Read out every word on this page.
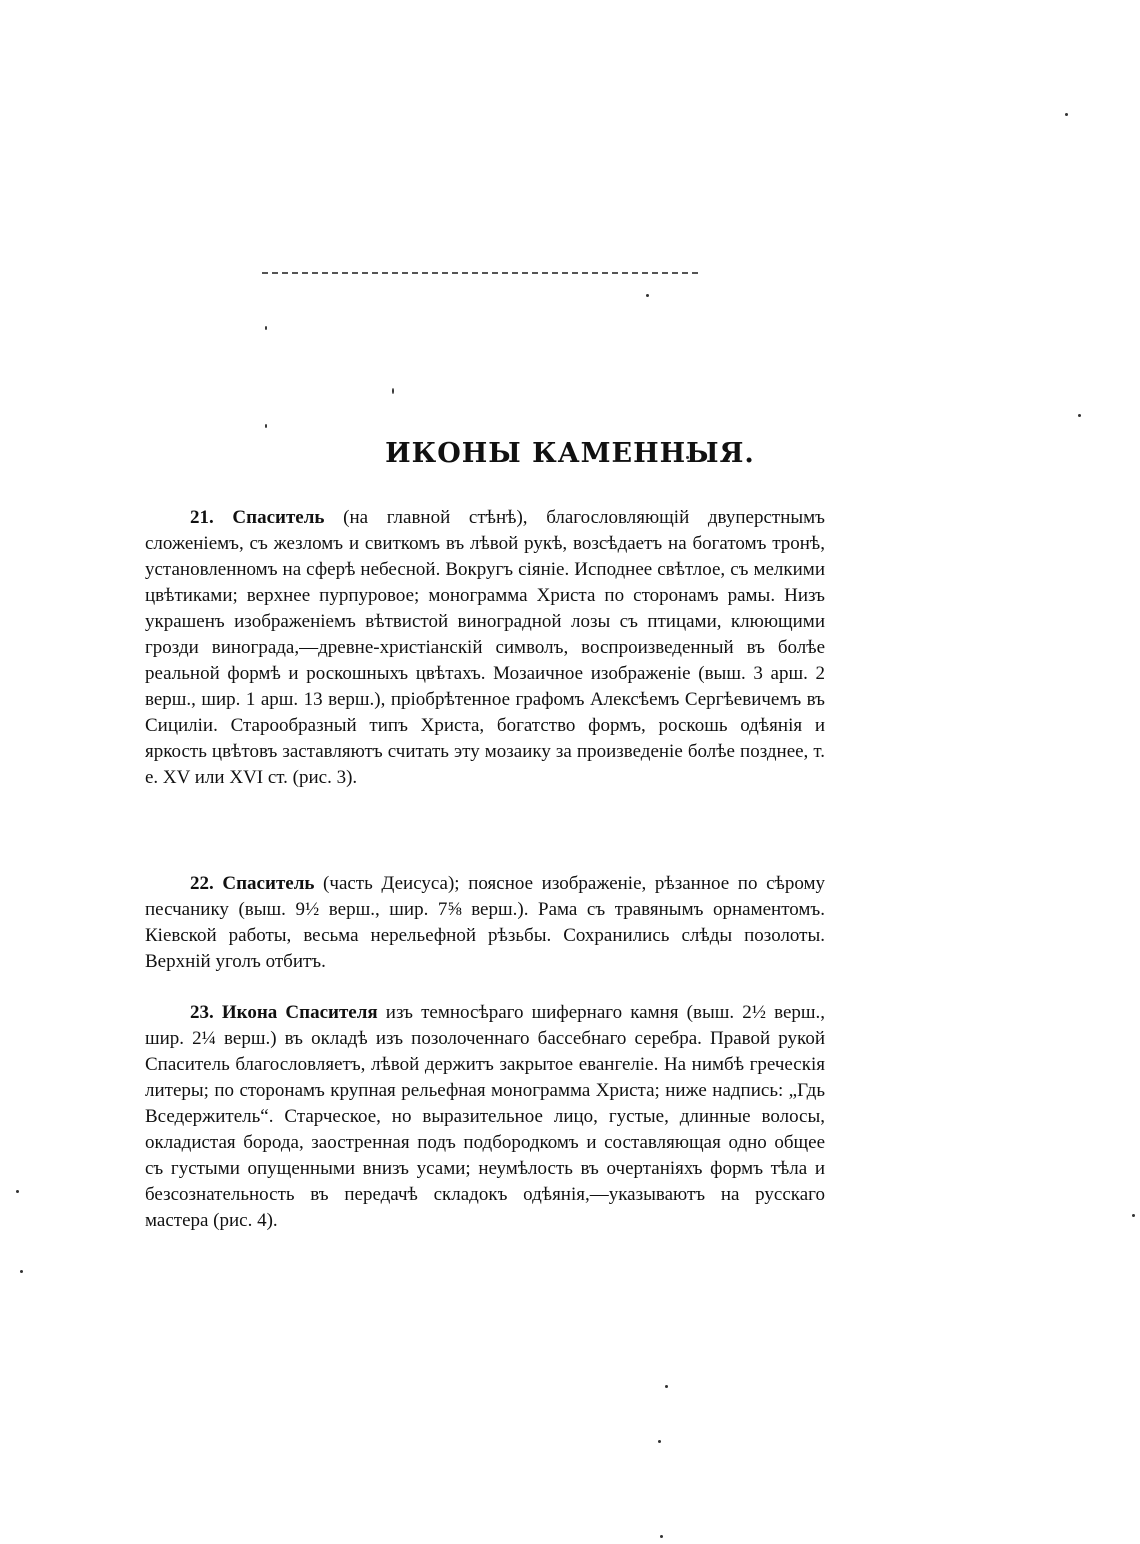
ИКОНЫ КАМЕННЫЯ.

21. Спаситель (на главной стѣнѣ), благословляющій двуперстнымъ сложеніемъ, съ жезломъ и свиткомъ въ лѣвой рукѣ, возсѣдаетъ на богатомъ тронѣ, установленномъ на сферѣ небесной. Вокругъ сіяніе. Исподнее свѣтлое, съ мелкими цвѣтиками; верхнее пурпуровое; монограмма Христа по сторонамъ рамы. Низъ украшенъ изображеніемъ вѣтвистой виноградной лозы съ птицами, клюющими грозди винограда,—древне-христіанскій символъ, воспроизведенный въ болѣе реальной формѣ и роскошныхъ цвѣтахъ. Мозаичное изображеніе (выш. 3 арш. 2 верш., шир. 1 арш. 13 верш.), пріобрѣтенное графомъ Алексѣемъ Сергѣевичемъ въ Сициліи. Старообразный типъ Христа, богатство формъ, роскошь одѣянія и яркость цвѣтовъ заставляютъ считать эту мозаику за произведеніе болѣе позднее, т. е. XV или XVI ст. (рис. 3).

22. Спаситель (часть Деисуса); поясное изображеніе, рѣзанное по сѣрому песчанику (выш. 9½ верш., шир. 7⅝ верш.). Рама съ травянымъ орнаментомъ. Кіевской работы, весьма нерельефной рѣзьбы. Сохранились слѣды позолоты. Верхній уголъ отбитъ.

23. Икона Спасителя изъ темносѣраго шифернаго камня (выш. 2½ верш., шир. 2¼ верш.) въ окладѣ изъ позолоченнаго бассебнаго серебра. Правой рукой Спаситель благословляетъ, лѣвой держитъ закрытое евангеліе. На нимбѣ греческія литеры; по сторонамъ крупная рельефная монограмма Христа; ниже надпись: „Гдь Вседержитель“. Старческое, но выразительное лицо, густые, длинные волосы, окладистая борода, заостренная подъ подбородкомъ и составляющая одно общее съ густыми опущенными внизъ усами; неумѣлость въ очертаніяхъ формъ тѣла и безсознательность въ передачѣ складокъ одѣянія,—указываютъ на русскаго мастера (рис. 4).
